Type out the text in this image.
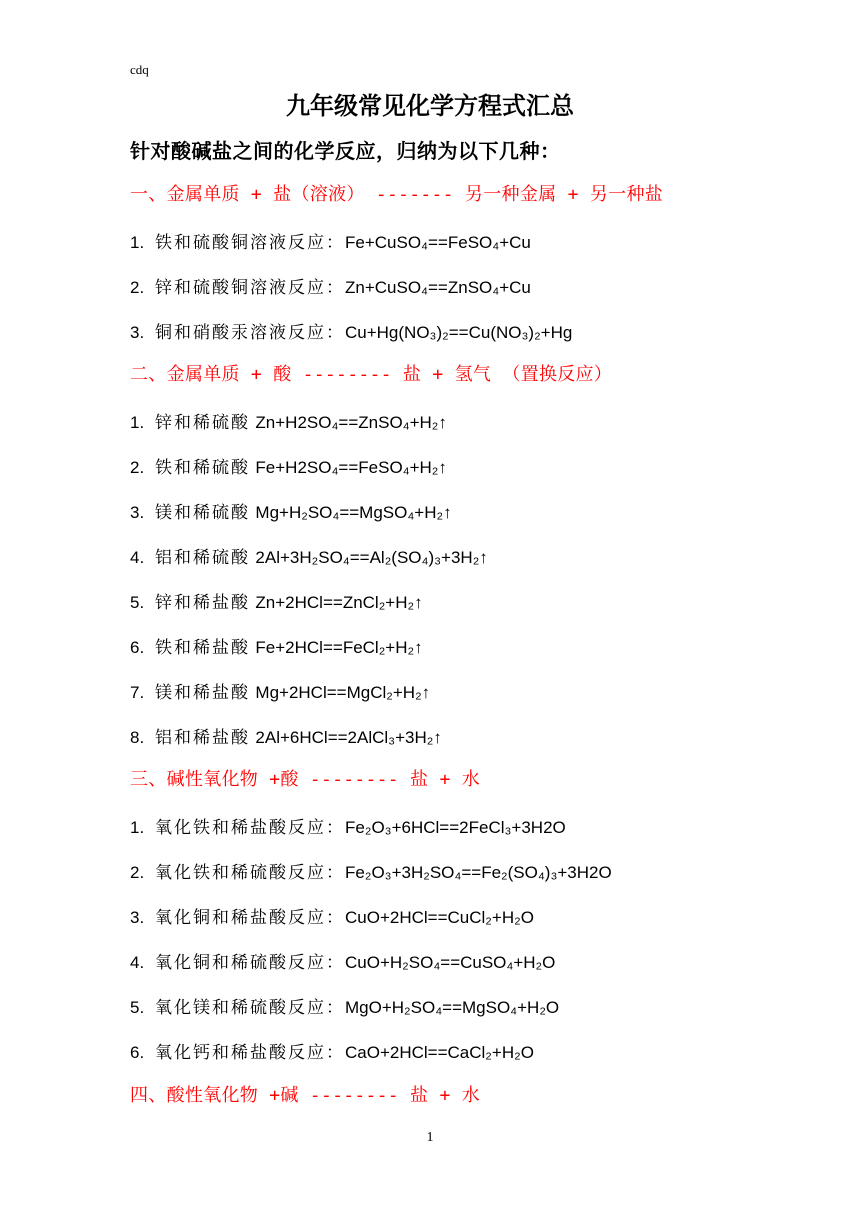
cdq
九年级常见化学方程式汇总
针对酸碱盐之间的化学反应，归纳为以下几种：
一、金属单质 + 盐（溶液） ------- 另一种金属 + 另一种盐
1. 铁和硫酸铜溶液反应：Fe+CuSO₄==FeSO₄+Cu
2. 锌和硫酸铜溶液反应：Zn+CuSO₄==ZnSO₄+Cu
3. 铜和硝酸汞溶液反应：Cu+Hg(NO₃)₂==Cu(NO₃)₂+Hg
二、金属单质 + 酸 -------- 盐 + 氢气 （置换反应）
1. 锌和稀硫酸 Zn+H2SO₄==ZnSO₄+H₂↑
2. 铁和稀硫酸 Fe+H2SO₄==FeSO₄+H₂↑
3. 镁和稀硫酸 Mg+H₂SO₄==MgSO₄+H₂↑
4. 铝和稀硫酸 2Al+3H₂SO₄==Al₂(SO₄)₃+3H₂↑
5. 锌和稀盐酸 Zn+2HCl==ZnCl₂+H₂↑
6. 铁和稀盐酸 Fe+2HCl==FeCl₂+H₂↑
7. 镁和稀盐酸 Mg+2HCl==MgCl₂+H₂↑
8. 铝和稀盐酸 2Al+6HCl==2AlCl₃+3H₂↑
三、碱性氧化物 +酸 -------- 盐 + 水
1. 氧化铁和稀盐酸反应：Fe₂O₃+6HCl==2FeCl₃+3H2O
2. 氧化铁和稀硫酸反应：Fe₂O₃+3H₂SO₄==Fe₂(SO₄)₃+3H2O
3. 氧化铜和稀盐酸反应：CuO+2HCl==CuCl₂+H₂O
4. 氧化铜和稀硫酸反应：CuO+H₂SO₄==CuSO₄+H₂O
5. 氧化镁和稀硫酸反应：MgO+H₂SO₄==MgSO₄+H₂O
6. 氧化钙和稀盐酸反应：CaO+2HCl==CaCl₂+H₂O
四、酸性氧化物 +碱 -------- 盐 + 水
1
